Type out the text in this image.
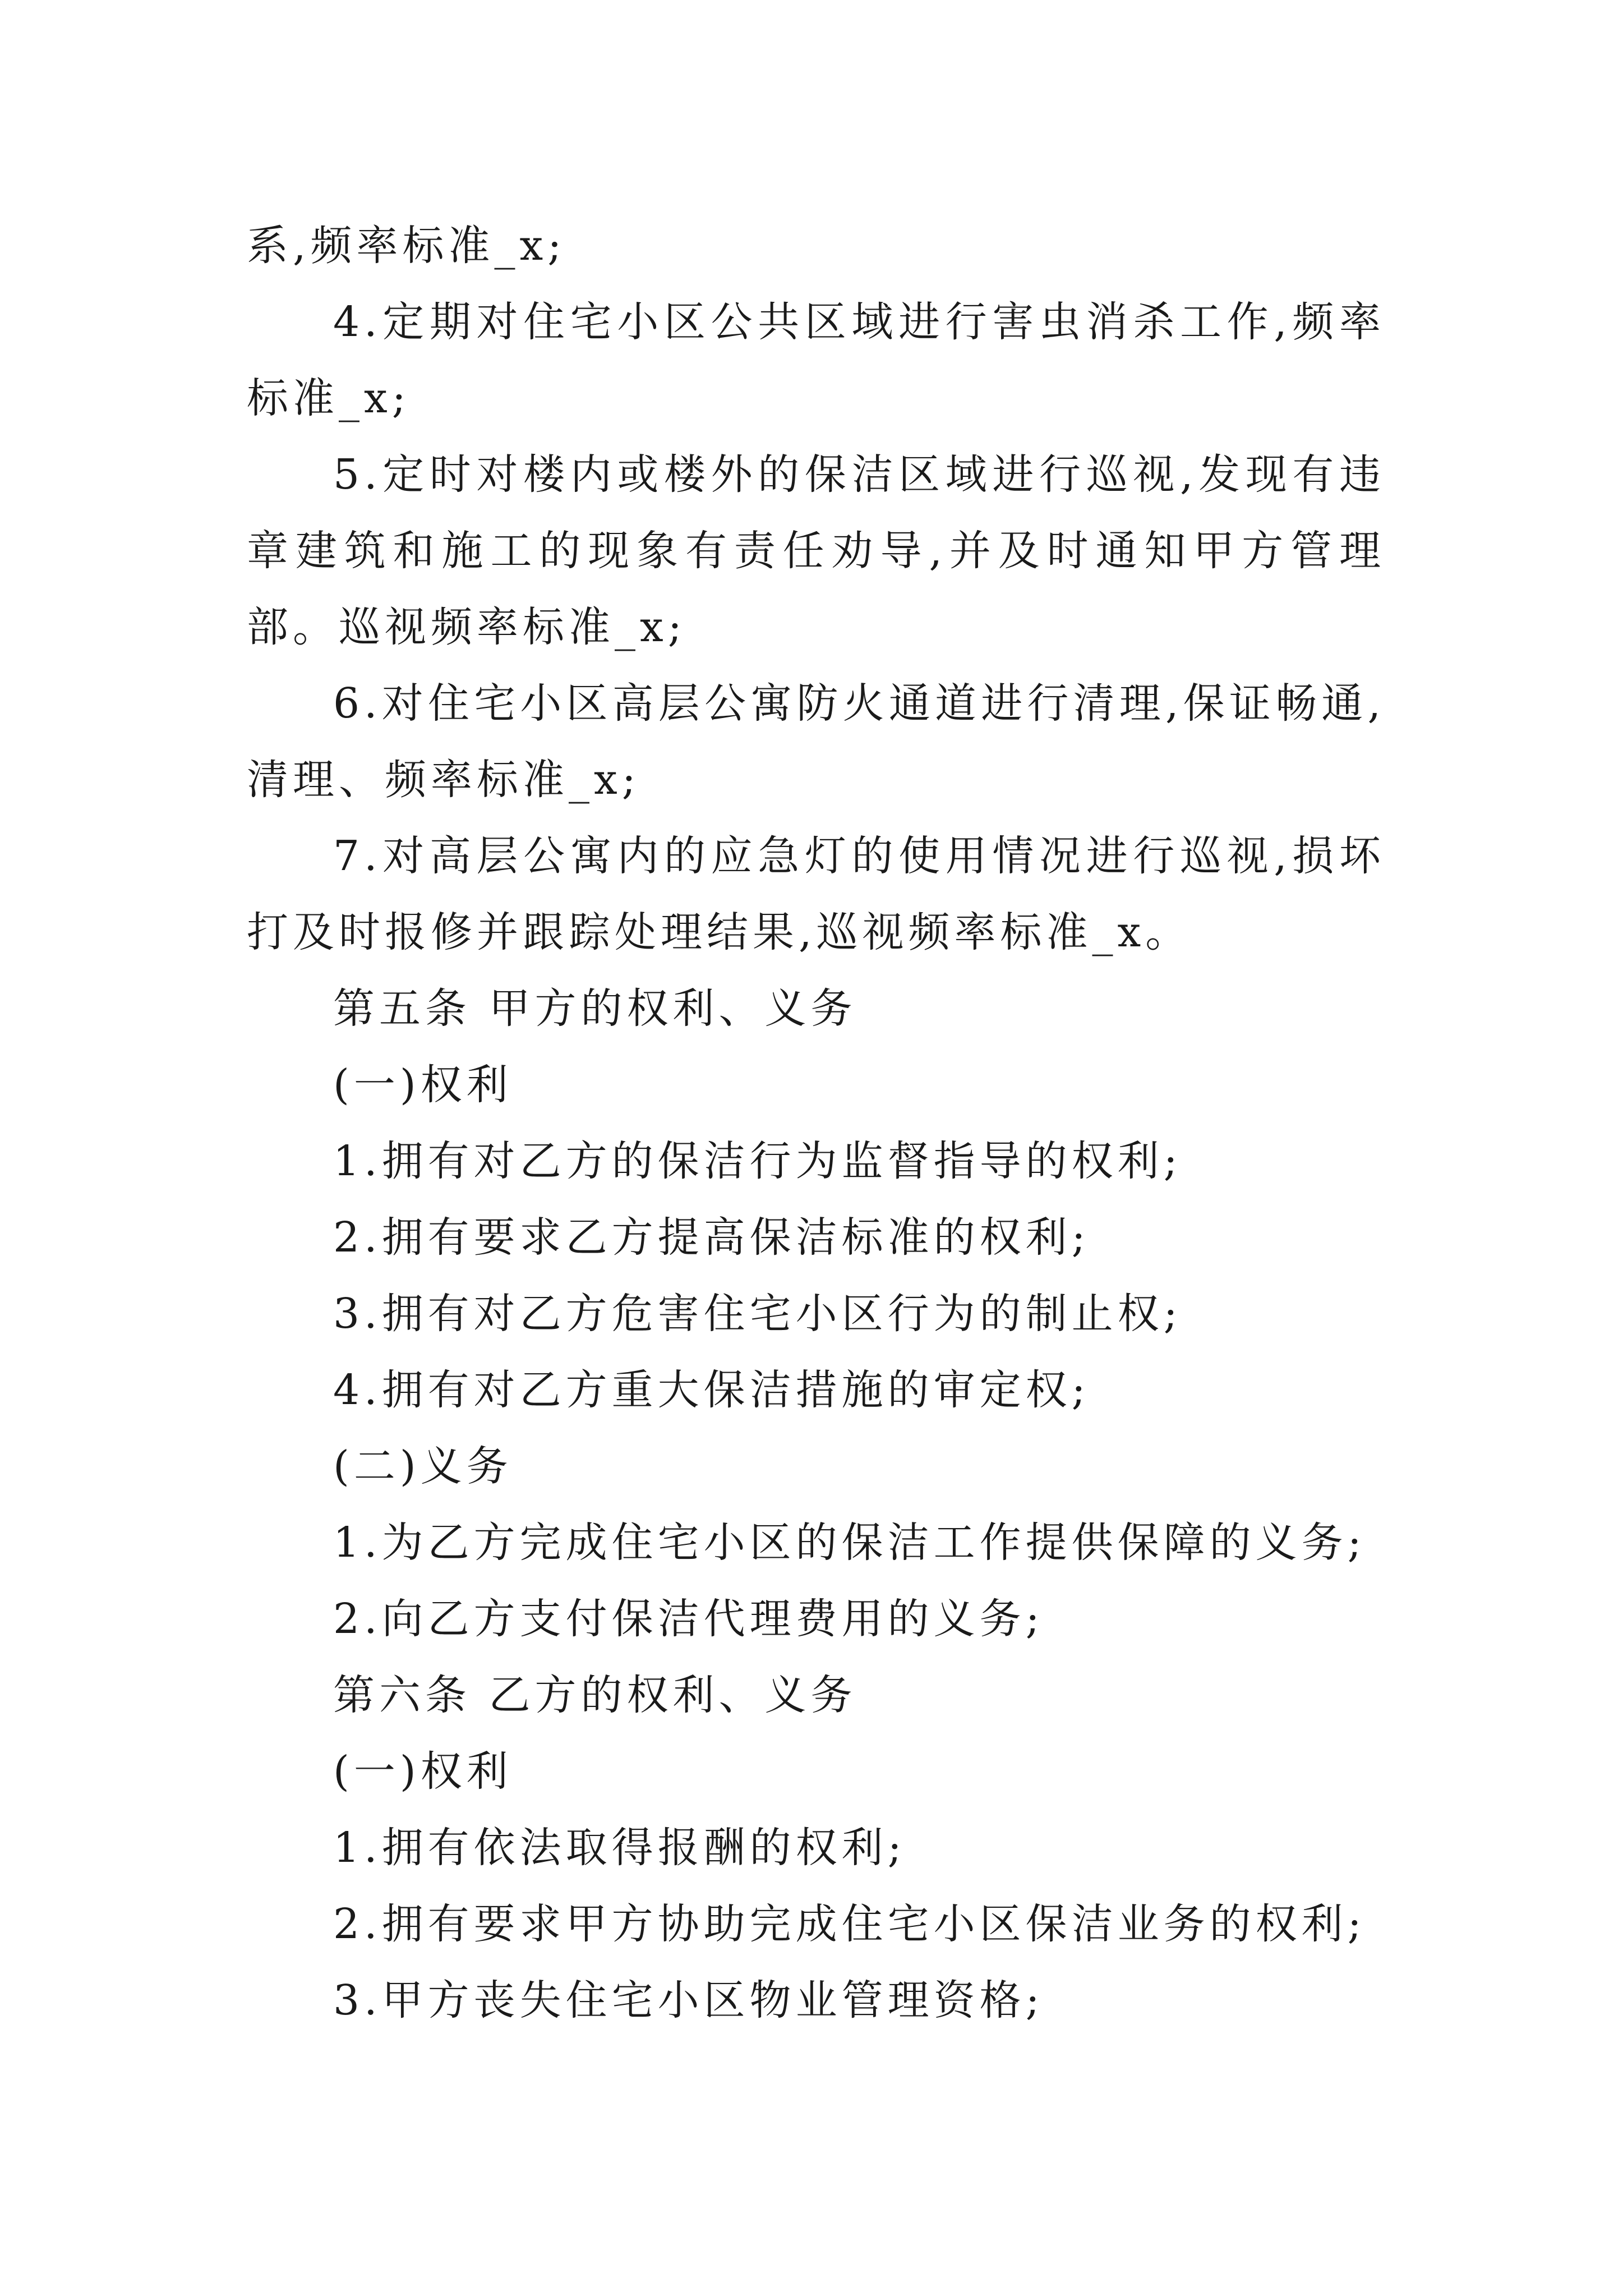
系,频率标准_x;

4.定期对住宅小区公共区域进行害虫消杀工作,频率标准_x;

5.定时对楼内或楼外的保洁区域进行巡视,发现有违章建筑和施工的现象有责任劝导,并及时通知甲方管理部。巡视频率标准_x;

6.对住宅小区高层公寓防火通道进行清理,保证畅通,清理、频率标准_x;

7.对高层公寓内的应急灯的使用情况进行巡视,损坏打及时报修并跟踪处理结果,巡视频率标准_x。

第五条 甲方的权利、义务

(一)权利

1.拥有对乙方的保洁行为监督指导的权利;

2.拥有要求乙方提高保洁标准的权利;

3.拥有对乙方危害住宅小区行为的制止权;

4.拥有对乙方重大保洁措施的审定权;

(二)义务

1.为乙方完成住宅小区的保洁工作提供保障的义务;

2.向乙方支付保洁代理费用的义务;

第六条 乙方的权利、义务

(一)权利

1.拥有依法取得报酬的权利;

2.拥有要求甲方协助完成住宅小区保洁业务的权利;

3.甲方丧失住宅小区物业管理资格;
